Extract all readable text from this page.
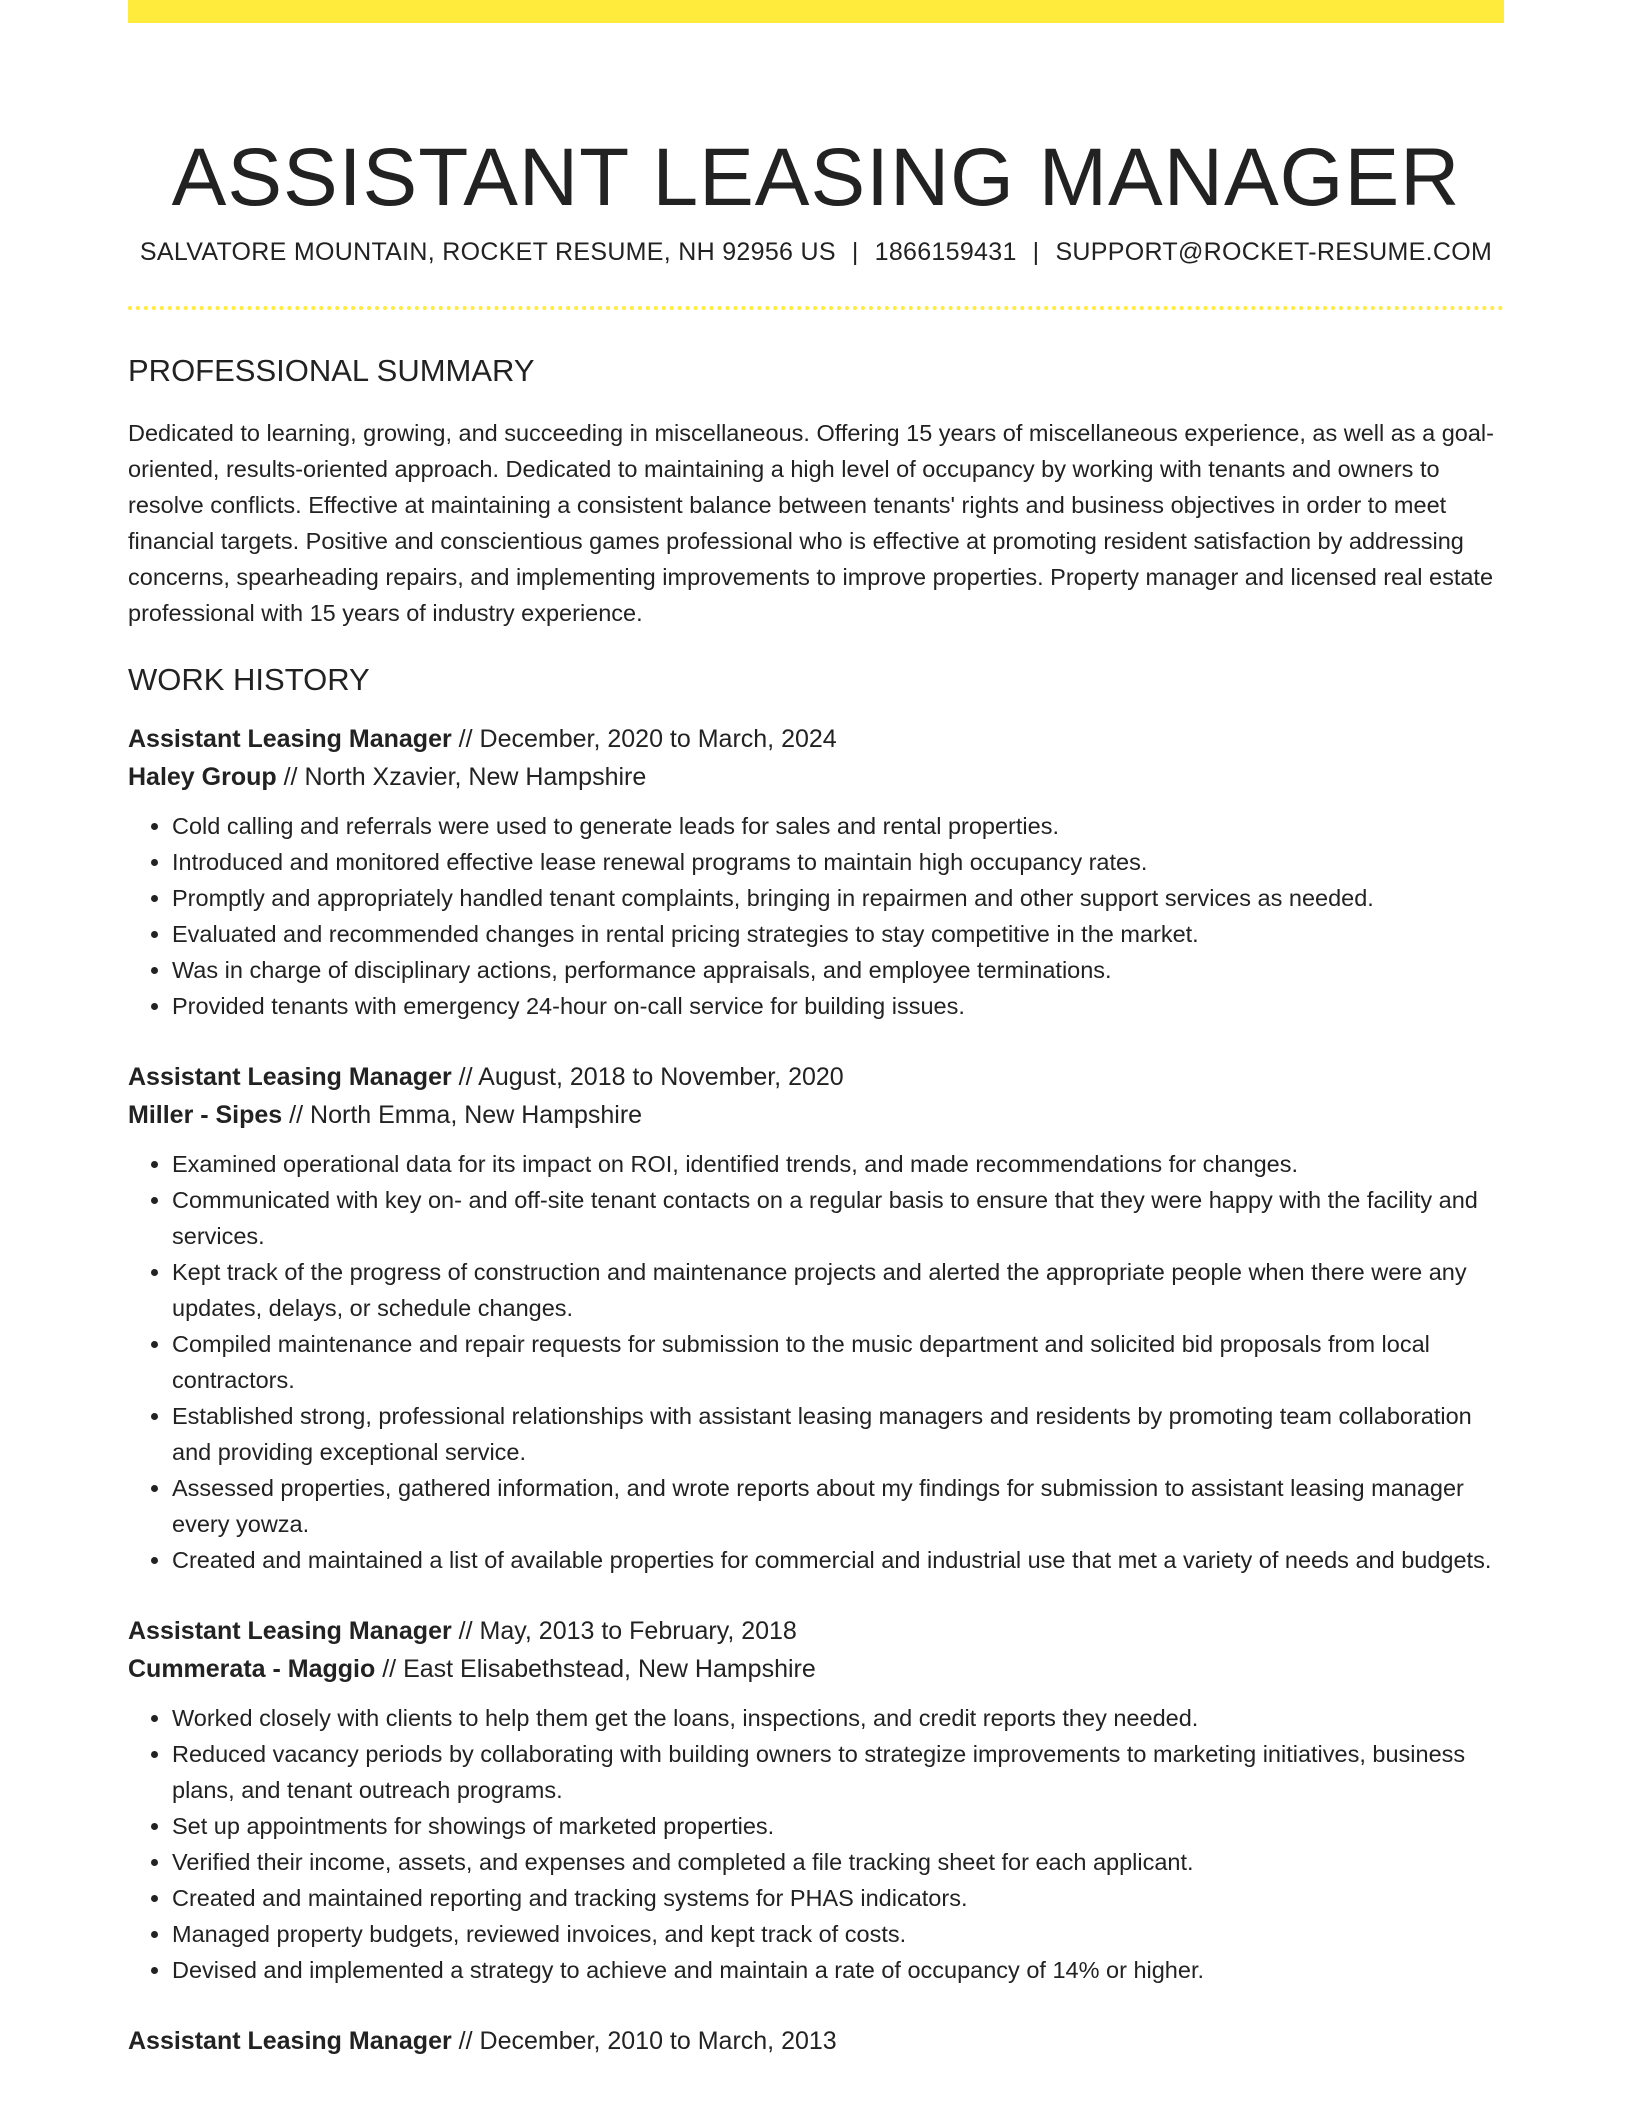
ASSISTANT LEASING MANAGER
SALVATORE MOUNTAIN, ROCKET RESUME, NH 92956 US | 1866159431 | SUPPORT@ROCKET-RESUME.COM
PROFESSIONAL SUMMARY

Dedicated to learning, growing, and succeeding in miscellaneous. Offering 15 years of miscellaneous experience, as well as a goal-oriented, results-oriented approach. Dedicated to maintaining a high level of occupancy by working with tenants and owners to resolve conflicts. Effective at maintaining a consistent balance between tenants' rights and business objectives in order to meet financial targets. Positive and conscientious games professional who is effective at promoting resident satisfaction by addressing concerns, spearheading repairs, and implementing improvements to improve properties. Property manager and licensed real estate professional with 15 years of industry experience.

WORK HISTORY
Assistant Leasing Manager // December, 2020 to March, 2024
Haley Group // North Xzavier, New Hampshire
• Cold calling and referrals were used to generate leads for sales and rental properties.
• Introduced and monitored effective lease renewal programs to maintain high occupancy rates.
• Promptly and appropriately handled tenant complaints, bringing in repairmen and other support services as needed.
• Evaluated and recommended changes in rental pricing strategies to stay competitive in the market.
• Was in charge of disciplinary actions, performance appraisals, and employee terminations.
• Provided tenants with emergency 24-hour on-call service for building issues.
Assistant Leasing Manager // August, 2018 to November, 2020
Miller - Sipes // North Emma, New Hampshire
• Examined operational data for its impact on ROI, identified trends, and made recommendations for changes.
• Communicated with key on- and off-site tenant contacts on a regular basis to ensure that they were happy with the facility and services.
• Kept track of the progress of construction and maintenance projects and alerted the appropriate people when there were any updates, delays, or schedule changes.
• Compiled maintenance and repair requests for submission to the music department and solicited bid proposals from local contractors.
• Established strong, professional relationships with assistant leasing managers and residents by promoting team collaboration and providing exceptional service.
• Assessed properties, gathered information, and wrote reports about my findings for submission to assistant leasing manager every yowza.
• Created and maintained a list of available properties for commercial and industrial use that met a variety of needs and budgets.
Assistant Leasing Manager // May, 2013 to February, 2018
Cummerata - Maggio // East Elisabethstead, New Hampshire
• Worked closely with clients to help them get the loans, inspections, and credit reports they needed.
• Reduced vacancy periods by collaborating with building owners to strategize improvements to marketing initiatives, business plans, and tenant outreach programs.
• Set up appointments for showings of marketed properties.
• Verified their income, assets, and expenses and completed a file tracking sheet for each applicant.
• Created and maintained reporting and tracking systems for PHAS indicators.
• Managed property budgets, reviewed invoices, and kept track of costs.
• Devised and implemented a strategy to achieve and maintain a rate of occupancy of 14% or higher.
Assistant Leasing Manager // December, 2010 to March, 2013
